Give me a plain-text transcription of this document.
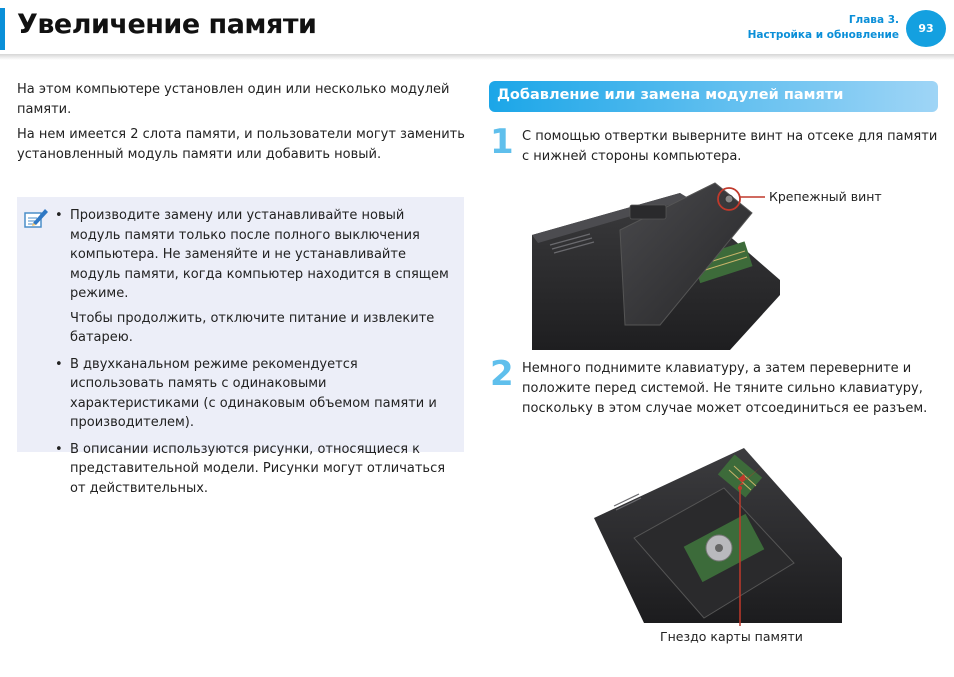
Увеличение памяти	Глава 3.
Настройка и обновление	93
На этом компьютере установлен один или несколько модулей памяти.
На нем имеется 2 слота памяти, и пользователи могут заменить установленный модуль памяти или добавить новый.
• Производите замену или устанавливайте новый модуль памяти только после полного выключения компьютера. Не заменяйте и не устанавливайте модуль памяти, когда компьютер находится в спящем режиме.
Чтобы продолжить, отключите питание и извлеките батарею.
• В двухканальном режиме рекомендуется использовать память с одинаковыми характеристиками (с одинаковым объемом памяти и производителем).
• В описании используются рисунки, относящиеся к представительной модели. Рисунки могут отличаться от действительных.
Добавление или замена модулей памяти
1 С помощью отвертки выверните винт на отсеке для памяти с нижней стороны компьютера.
Крепежный винт
2 Немного поднимите клавиатуру, а затем переверните и положите перед системой. Не тяните сильно клавиатуру, поскольку в этом случае может отсоединиться ее разъем.
Гнездо карты памяти
